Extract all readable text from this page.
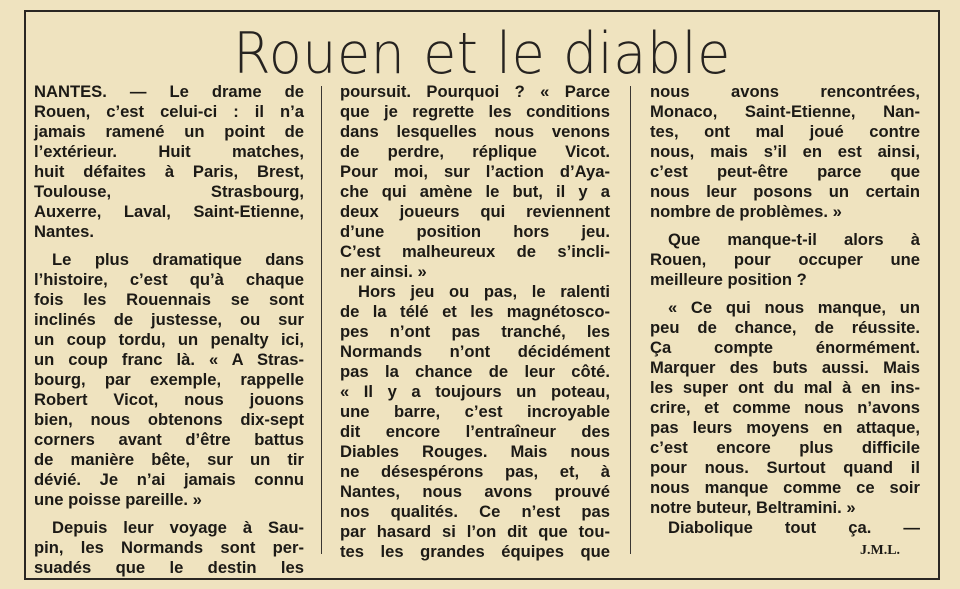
Rouen et le diable
NANTES. — Le drame de
Rouen, c’est celui-ci : il n’a
jamais ramené un point de
l’extérieur. Huit matches,
huit défaites à Paris, Brest,
Toulouse, Strasbourg,
Auxerre, Laval, Saint-Etienne,
Nantes.
Le plus dramatique dans
l’histoire, c’est qu’à chaque
fois les Rouennais se sont
inclinés de justesse, ou sur
un coup tordu, un penalty ici,
un coup franc là. « A Stras-
bourg, par exemple, rappelle
Robert Vicot, nous jouons
bien, nous obtenons dix-sept
corners avant d’être battus
de manière bête, sur un tir
dévié. Je n’ai jamais connu
une poisse pareille. »
Depuis leur voyage à Sau-
pin, les Normands sont per-
suadés que le destin les
poursuit. Pourquoi ? « Parce
que je regrette les conditions
dans lesquelles nous venons
de perdre, réplique Vicot.
Pour moi, sur l’action d’Aya-
che qui amène le but, il y a
deux joueurs qui reviennent
d’une position hors jeu.
C’est malheureux de s’incli-
ner ainsi. »
Hors jeu ou pas, le ralenti
de la télé et les magnétosco-
pes n’ont pas tranché, les
Normands n’ont décidément
pas la chance de leur côté.
« Il y a toujours un poteau,
une barre, c’est incroyable
dit encore l’entraîneur des
Diables Rouges. Mais nous
ne désespérons pas, et, à
Nantes, nous avons prouvé
nos qualités. Ce n’est pas
par hasard si l’on dit que tou-
tes les grandes équipes que
nous avons rencontrées,
Monaco, Saint-Etienne, Nan-
tes, ont mal joué contre
nous, mais s’il en est ainsi,
c’est peut-être parce que
nous leur posons un certain
nombre de problèmes. »
Que manque-t-il alors à
Rouen, pour occuper une
meilleure position ?
« Ce qui nous manque, un
peu de chance, de réussite.
Ça compte énormément.
Marquer des buts aussi. Mais
les super ont du mal à en ins-
crire, et comme nous n’avons
pas leurs moyens en attaque,
c’est encore plus difficile
pour nous. Surtout quand il
nous manque comme ce soir
notre buteur, Beltramini. »
Diabolique tout ça. —
J.M.L.
